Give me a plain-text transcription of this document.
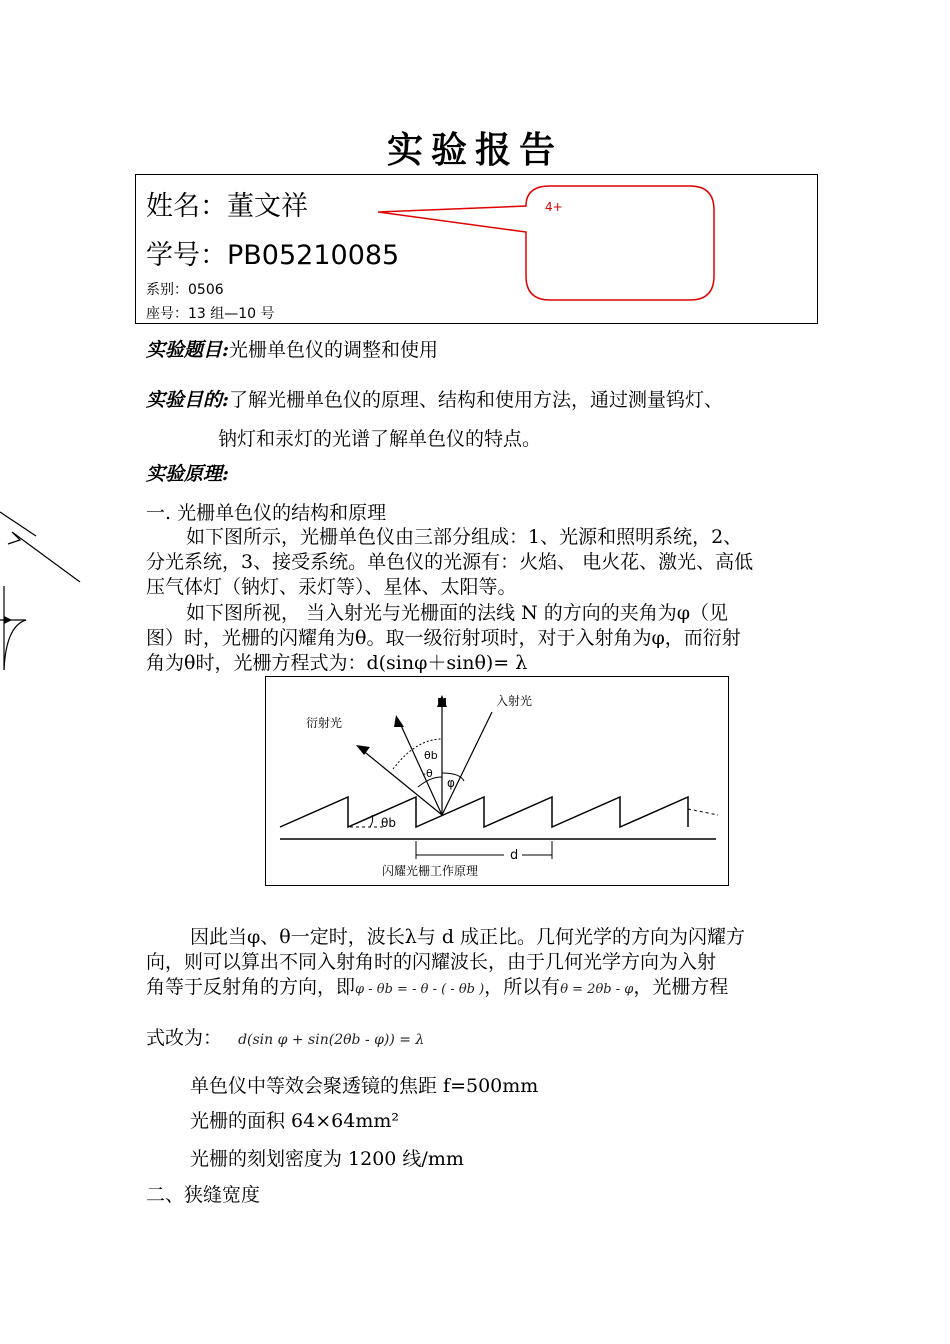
实验报告
姓名：董文祥
学号：PB05210085
系别：0506
座号：13 组—10 号
4+
实验题目:光栅单色仪的调整和使用
实验目的:了解光栅单色仪的原理、结构和使用方法，通过测量钨灯、
钠灯和汞灯的光谱了解单色仪的特点。
实验原理:
一. 光栅单色仪的结构和原理
如下图所示，光栅单色仪由三部分组成：1、光源和照明系统，2、
分光系统，3、接受系统。单色仪的光源有：火焰、 电火花、激光、高低
压气体灯（钠灯、汞灯等）、星体、太阳等。
如下图所视， 当入射光与光栅面的法线 N 的方向的夹角为φ（见
图）时，光栅的闪耀角为θ。取一级衍射项时，对于入射角为φ，而衍射
角为θ时，光栅方程式为：d(sinφ＋sinθ)= λ
θb
N	入射光
衍射光
θb
-θ
φ
d
闪耀光栅工作原理
因此当φ、θ一定时，波长λ与 d 成正比。几何光学的方向为闪耀方
向，则可以算出不同入射角时的闪耀波长，由于几何光学方向为入射
角等于反射角的方向，即φ - θb = - θ - ( - θb )，所以有θ = 2θb - φ，光栅方程
式改为： d(sin φ + sin(2θb - φ)) = λ
单色仪中等效会聚透镜的焦距 f=500mm
光栅的面积 64×64mm²
光栅的刻划密度为 1200 线/mm
二、狭缝宽度
